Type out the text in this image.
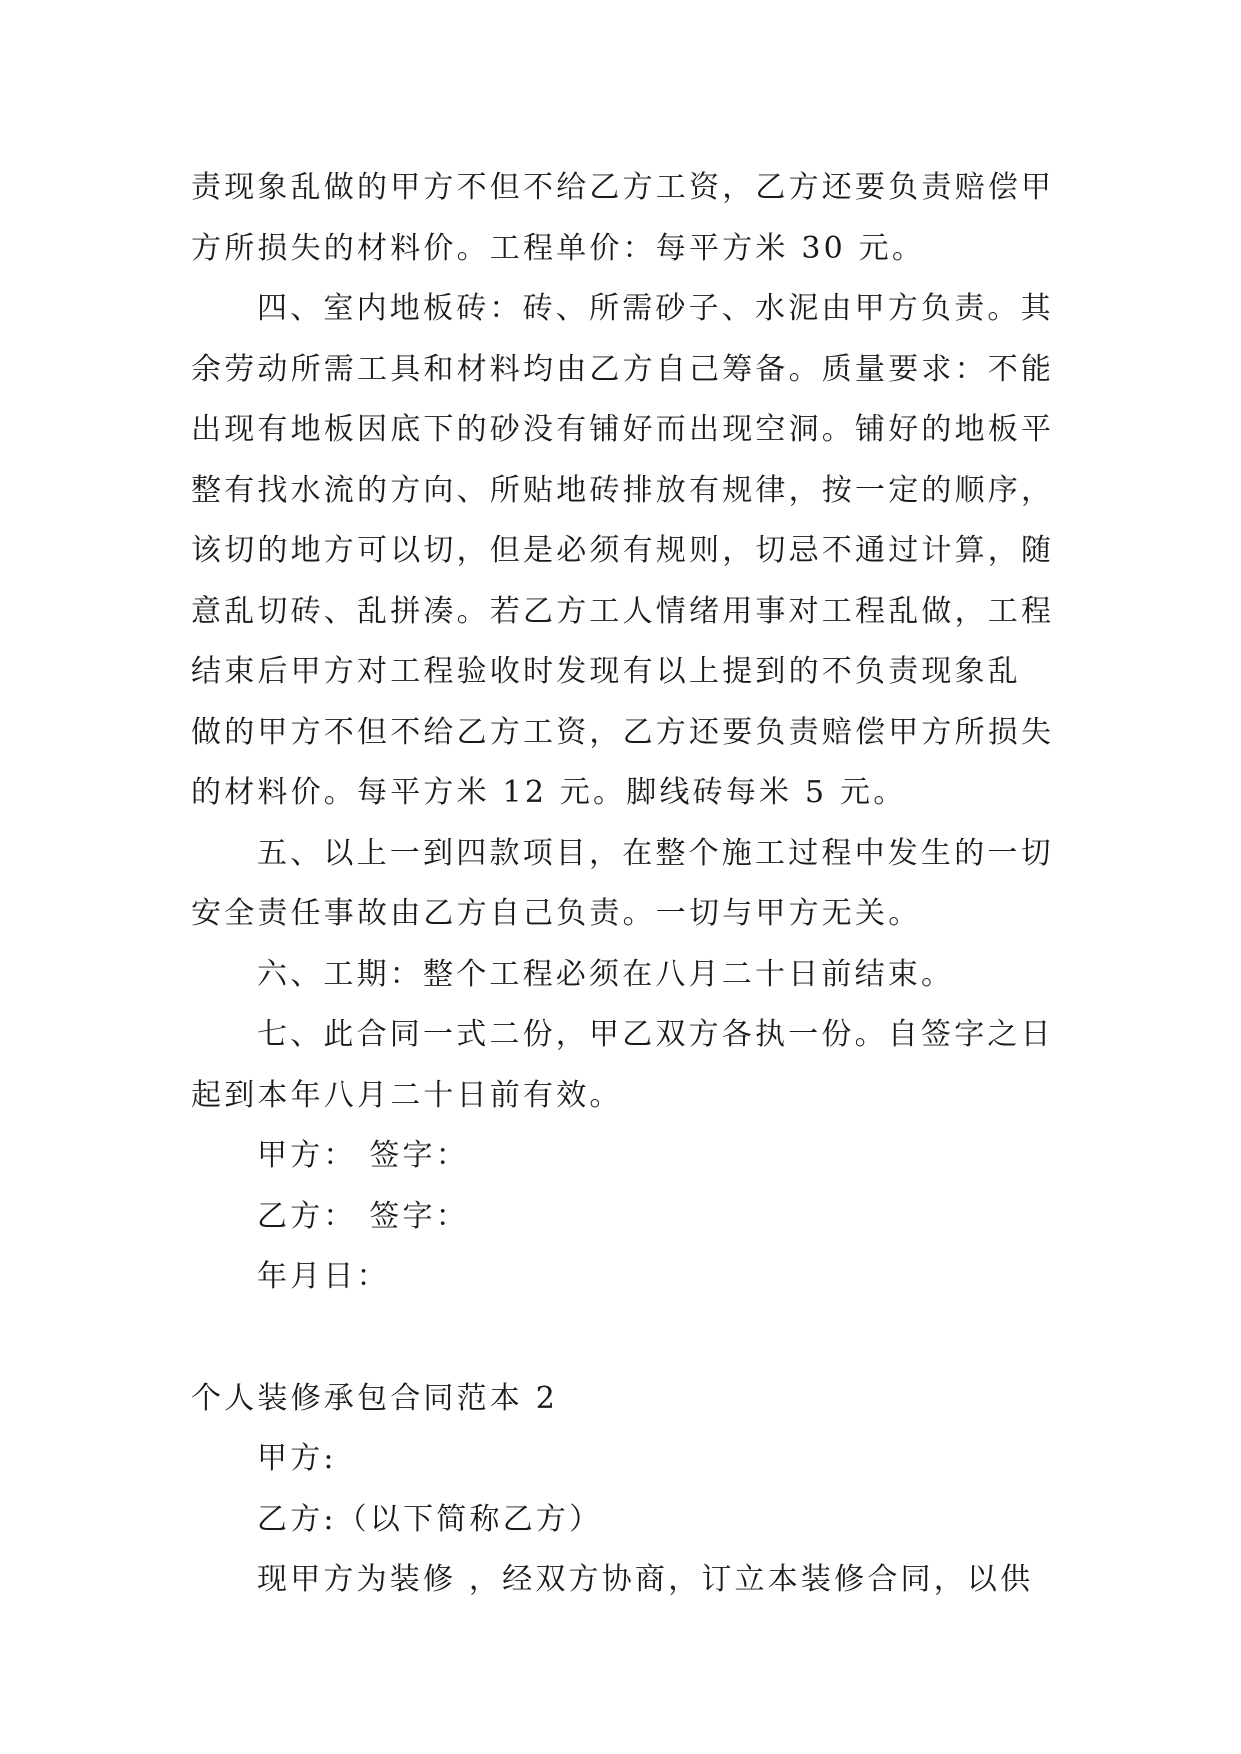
责现象乱做的甲方不但不给乙方工资，乙方还要负责赔偿甲
方所损失的材料价。工程单价：每平方米 30 元。
四、室内地板砖：砖、所需砂子、水泥由甲方负责。其
余劳动所需工具和材料均由乙方自己筹备。质量要求：不能
出现有地板因底下的砂没有铺好而出现空洞。铺好的地板平
整有找水流的方向、所贴地砖排放有规律，按一定的顺序，
该切的地方可以切，但是必须有规则，切忌不通过计算，随
意乱切砖、乱拼凑。若乙方工人情绪用事对工程乱做，工程
结束后甲方对工程验收时发现有以上提到的不负责现象乱
做的甲方不但不给乙方工资，乙方还要负责赔偿甲方所损失
的材料价。每平方米 12 元。脚线砖每米 5 元。
五、以上一到四款项目，在整个施工过程中发生的一切
安全责任事故由乙方自己负责。一切与甲方无关。
六、工期：整个工程必须在八月二十日前结束。
七、此合同一式二份，甲乙双方各执一份。自签字之日
起到本年八月二十日前有效。
甲方： 签字：
乙方： 签字：
年月日：
个人装修承包合同范本 2
甲方:
乙方:（以下简称乙方）
现甲方为装修 ，经双方协商，订立本装修合同，以供
